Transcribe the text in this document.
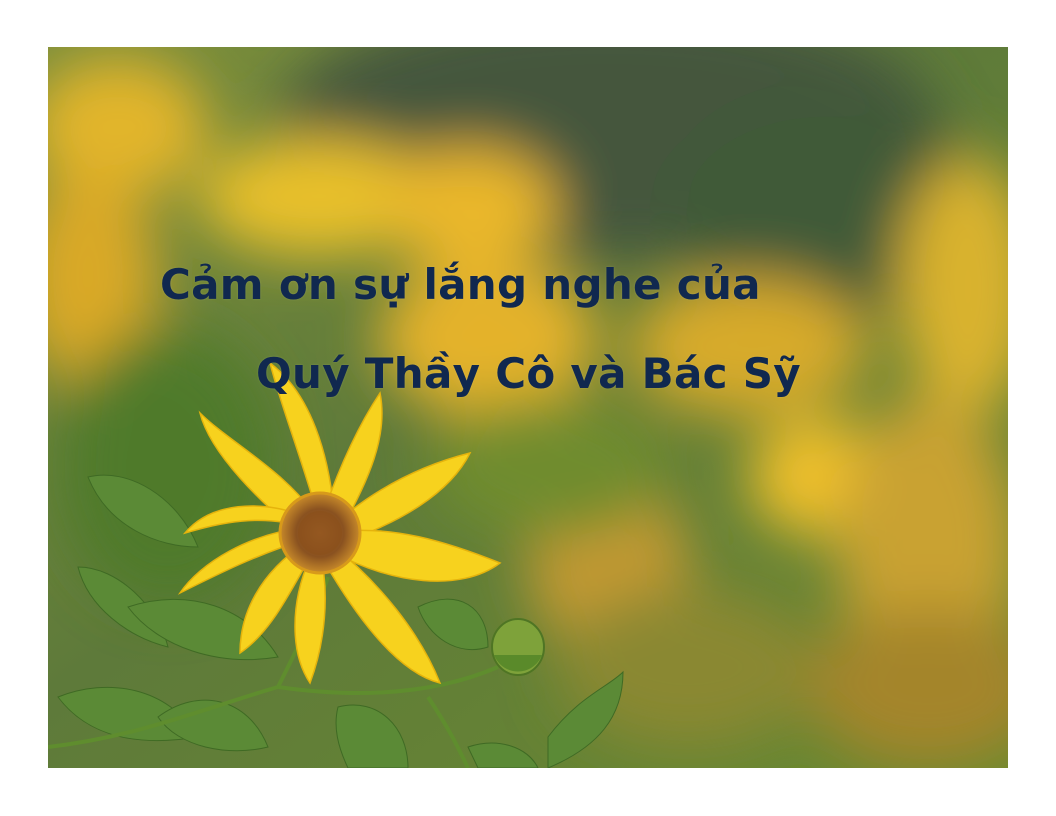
Cảm ơn sự lắng nghe của
Quý Thầy Cô và Bác Sỹ
